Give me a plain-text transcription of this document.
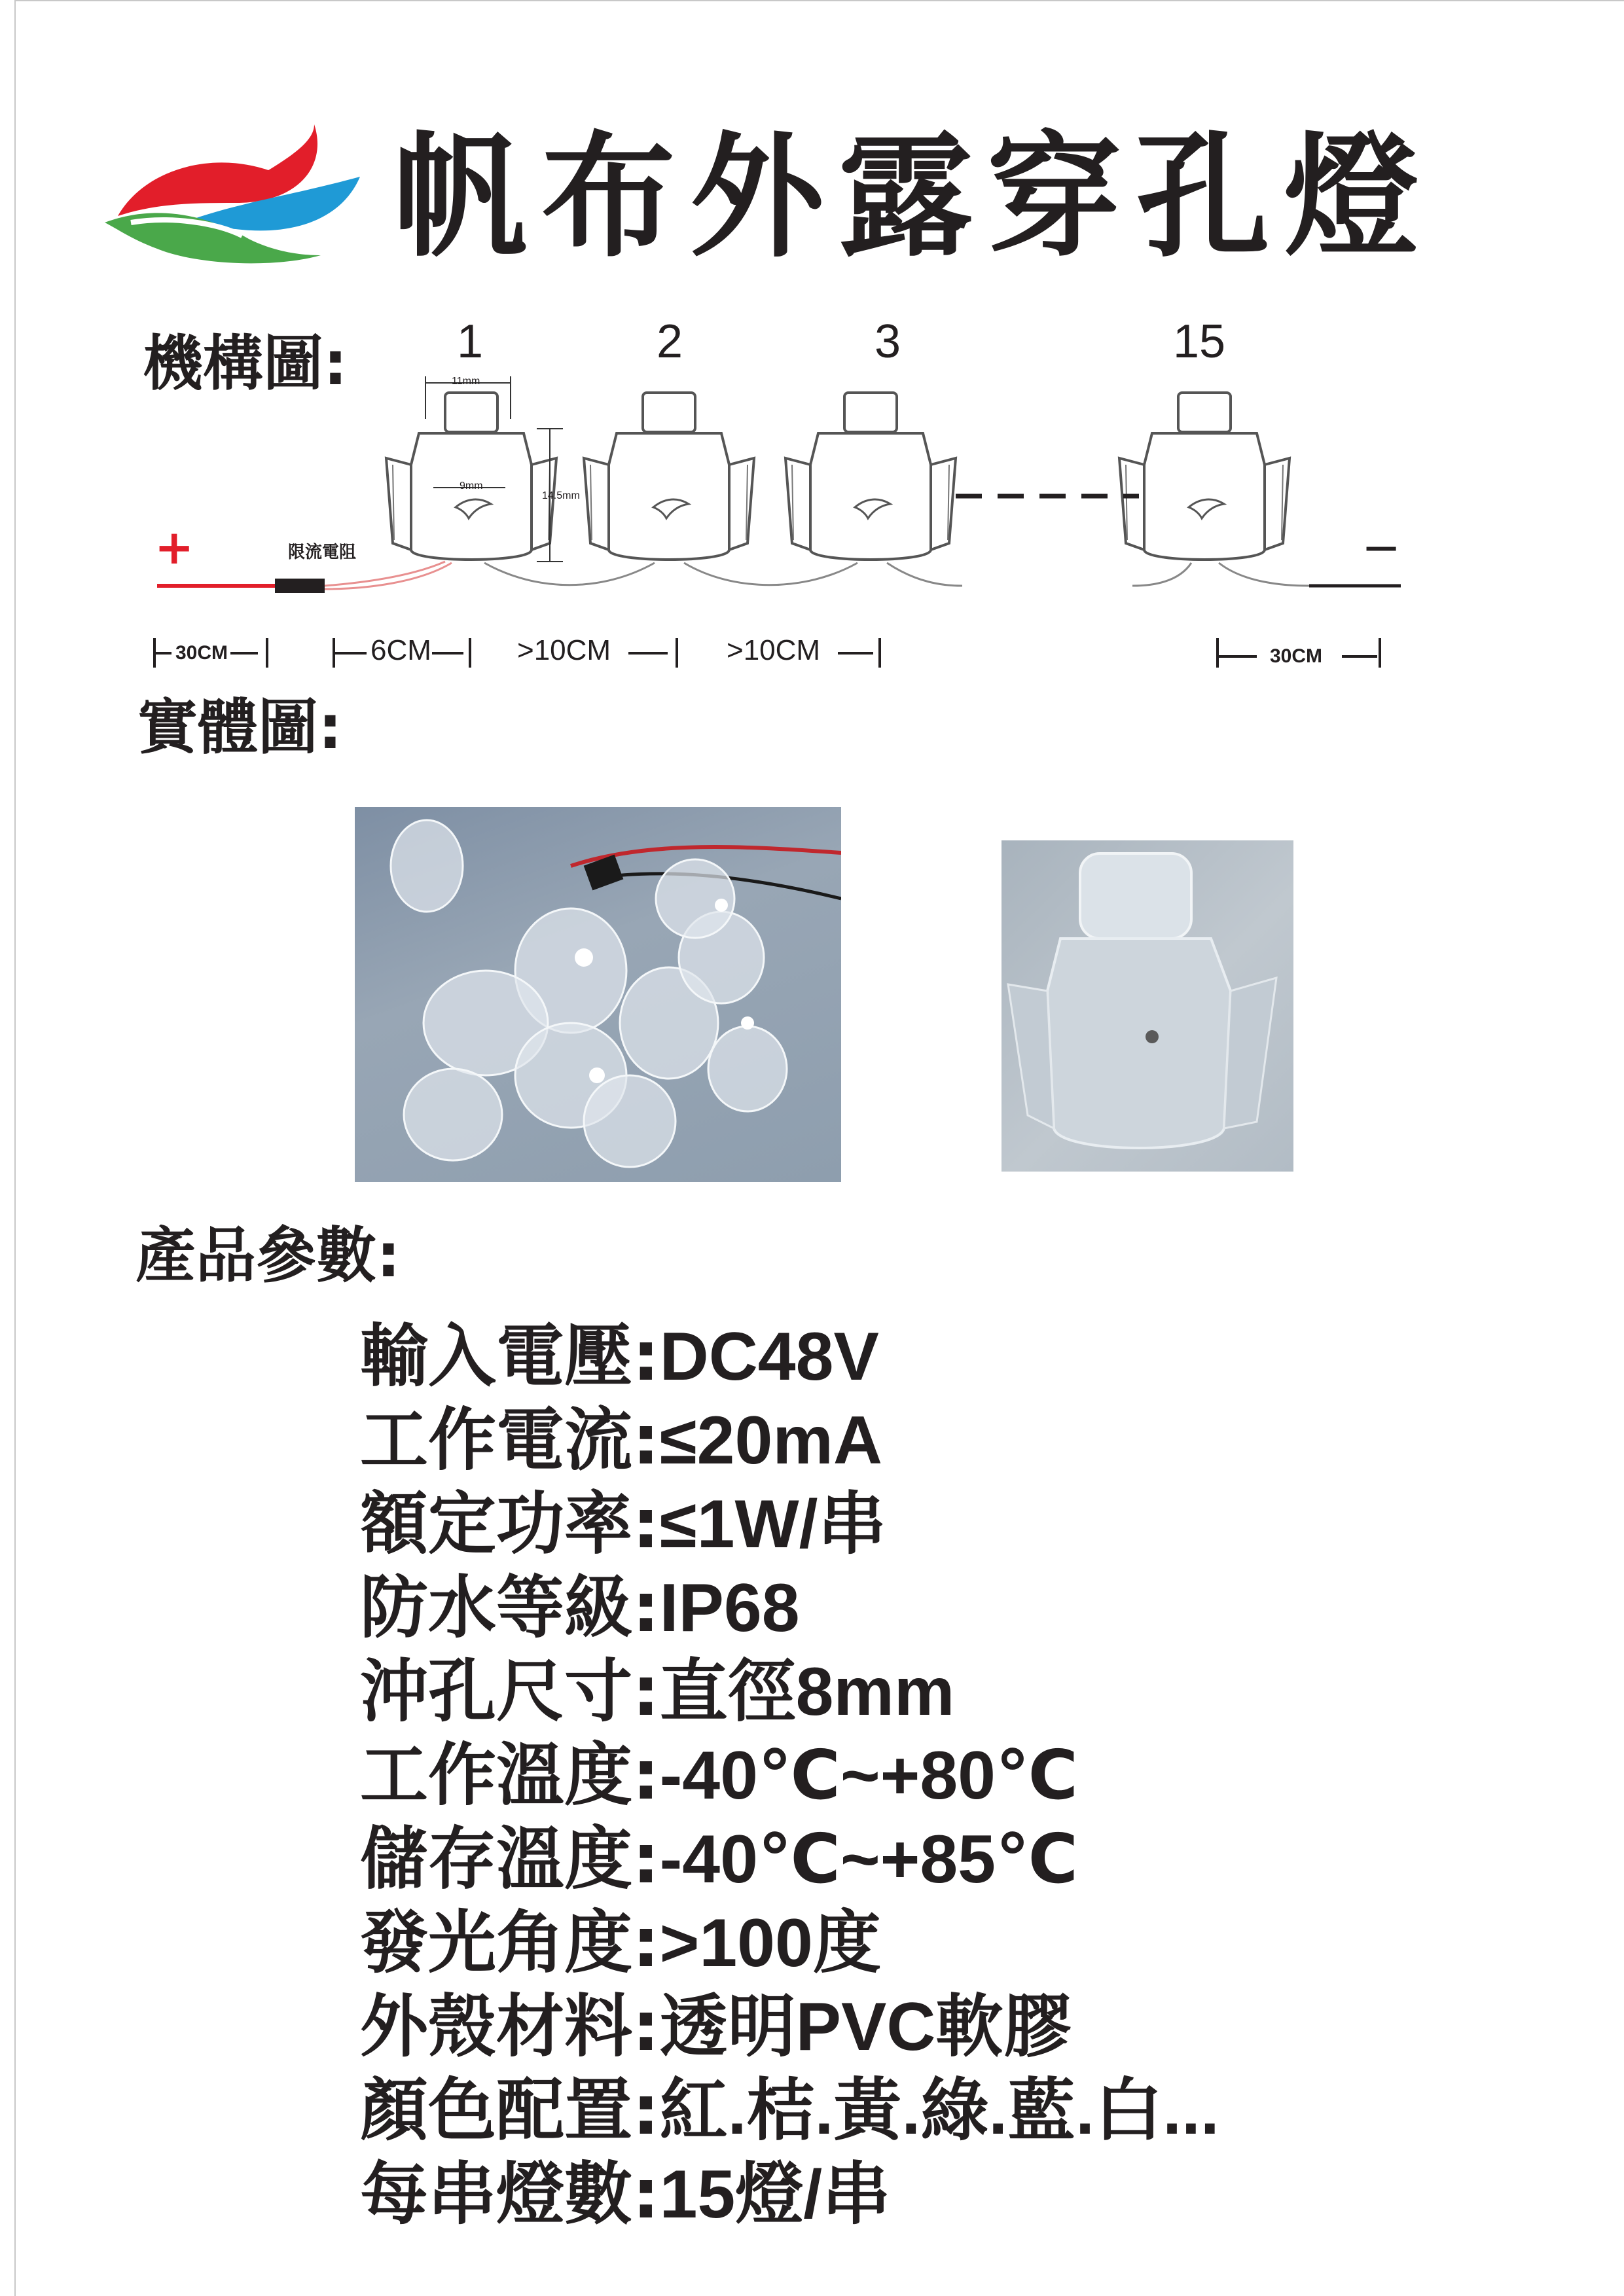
帆布外露穿孔燈
機構圖: 1	2	3	15
11mm
9mm
14.5mm
+	−
限流電阻
30CM	6CM	>10CM	>10CM	30CM
實體圖:
產品參數:
輸入電壓:DC48V
工作電流:≤20mA
額定功率:≤1W/串
防水等級:IP68
沖孔尺寸:直徑8mm
工作溫度:-40℃~+80℃
儲存溫度:-40℃~+85℃
發光角度:>100度
外殼材料:透明PVC軟膠
顏色配置:紅.桔.黃.綠.藍.白...
每串燈數:15燈/串
